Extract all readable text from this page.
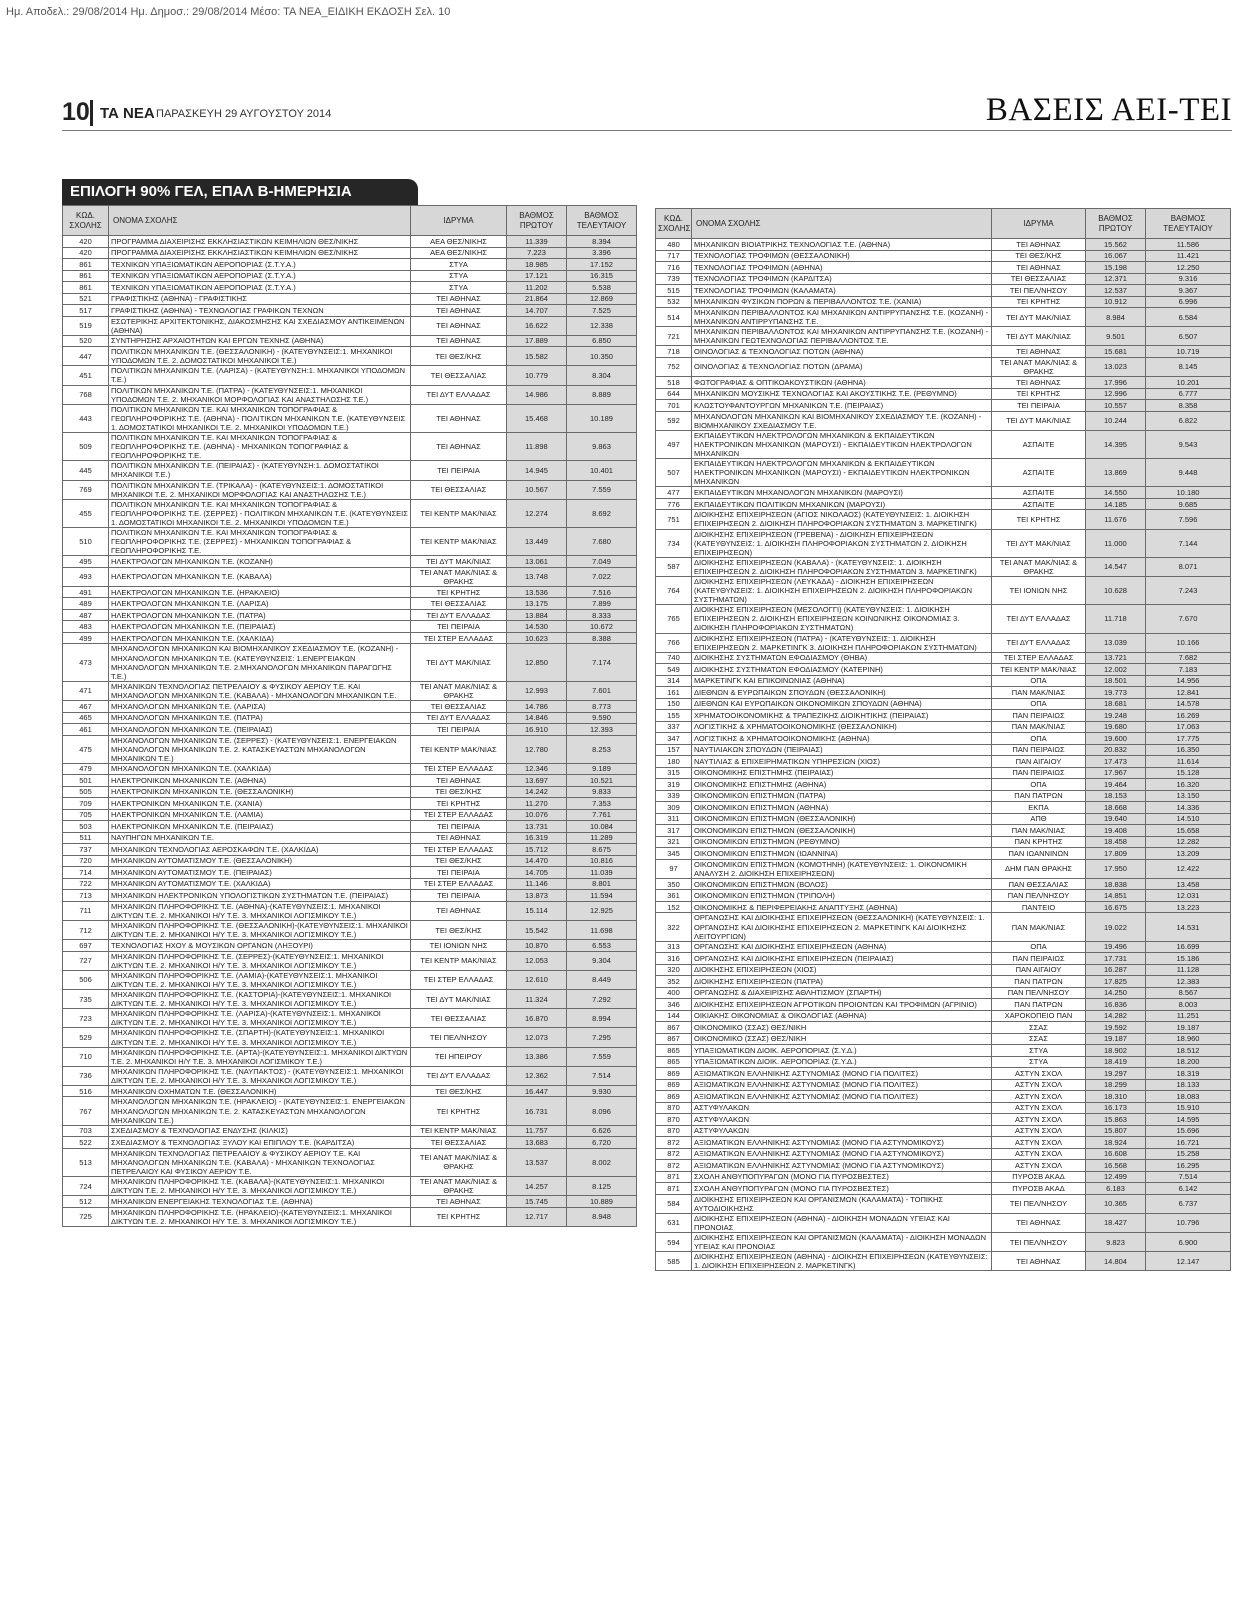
Ημ. Αποδελ.: 29/08/2014 Ημ. Δημοσ.: 29/08/2014 Μέσο: ΤΑ ΝΕΑ_ΕΙΔΙΚΗ ΕΚΔΟΣΗ Σελ. 10
10 ΤΑ ΝΕΑ ΠΑΡΑΣΚΕΥΗ 29 ΑΥΓΟΥΣΤΟΥ 2014	ΒΑΣΕΙΣ ΑΕΙ-ΤΕΙ
ΕΠΙΛΟΓΗ 90% ΓΕΛ, ΕΠΑΛ Β-ΗΜΕΡΗΣΙΑ
ΚΩΔ. ΣΧΟΛΗΣ	ΟΝΟΜΑ ΣΧΟΛΗΣ	ΙΔΡΥΜΑ	ΒΑΘΜΟΣ ΠΡΩΤΟΥ	ΒΑΘΜΟΣ ΤΕΛΕΥΤΑΙΟΥ
420	ΠΡΟΓΡΑΜΜΑ ΔΙΑΧΕΙΡΙΣΗΣ ΕΚΚΛΗΣΙΑΣΤΙΚΩΝ ΚΕΙΜΗΛΙΩΝ ΘΕΣ/ΝΙΚΗΣ	ΑΕΑ ΘΕΣ/ΝΙΚΗΣ	11.339	8.394
420	ΠΡΟΓΡΑΜΜΑ ΔΙΑΧΕΙΡΙΣΗΣ ΕΚΚΛΗΣΙΑΣΤΙΚΩΝ ΚΕΙΜΗΛΙΩΝ ΘΕΣ/ΝΙΚΗΣ	ΑΕΑ ΘΕΣ/ΝΙΚΗΣ	7.223	3.396
861	ΤΕΧΝΙΚΩΝ ΥΠΑΞΙΩΜΑΤΙΚΩΝ ΑΕΡΟΠΟΡΙΑΣ (Σ.Τ.Υ.Α.)	ΣΤΥΑ	18.985	17.152
861	ΤΕΧΝΙΚΩΝ ΥΠΑΞΙΩΜΑΤΙΚΩΝ ΑΕΡΟΠΟΡΙΑΣ (Σ.Τ.Υ.Α.)	ΣΤΥΑ	17.121	16.315
861	ΤΕΧΝΙΚΩΝ ΥΠΑΞΙΩΜΑΤΙΚΩΝ ΑΕΡΟΠΟΡΙΑΣ (Σ.Τ.Υ.Α.)	ΣΤΥΑ	11.202	5.538
521	ΓΡΑΦΙΣΤΙΚΗΣ (ΑΘΗΝΑ) - ΓΡΑΦΙΣΤΙΚΗΣ	ΤΕΙ ΑΘΗΝΑΣ	21.864	12.869
517	ΓΡΑΦΙΣΤΙΚΗΣ (ΑΘΗΝΑ) - ΤΕΧΝΟΛΟΓΙΑΣ ΓΡΑΦΙΚΩΝ ΤΕΧΝΩΝ	ΤΕΙ ΑΘΗΝΑΣ	14.707	7.525
519	ΕΣΩΤΕΡΙΚΗΣ ΑΡΧΙΤΕΚΤΟΝΙΚΗΣ, ΔΙΑΚΟΣΜΗΣΗΣ ΚΑΙ ΣΧΕΔΙΑΣΜΟΥ ΑΝΤΙΚΕΙΜΕΝΩΝ (ΑΘΗΝΑ)	ΤΕΙ ΑΘΗΝΑΣ	16.622	12.338
520	ΣΥΝΤΗΡΗΣΗΣ ΑΡΧΑΙΟΤΗΤΩΝ ΚΑΙ ΕΡΓΩΝ ΤΕΧΝΗΣ (ΑΘΗΝΑ)	ΤΕΙ ΑΘΗΝΑΣ	17.889	6.850
447	ΠΟΛΙΤΙΚΩΝ ΜΗΧΑΝΙΚΩΝ Τ.Ε. (ΘΕΣΣΑΛΟΝΙΚΗ) - (ΚΑΤΕΥΘΥΝΣΕΙΣ:1. ΜΗΧΑΝΙΚΟΙ ΥΠΟΔΟΜΩΝ Τ.Ε. 2. ΔΟΜΟΣΤΑΤΙΚΟΙ ΜΗΧΑΝΙΚΟΙ Τ.Ε.)	ΤΕΙ ΘΕΣ/ΚΗΣ	15.582	10.350
451	ΠΟΛΙΤΙΚΩΝ ΜΗΧΑΝΙΚΩΝ Τ.Ε. (ΛΑΡΙΣΑ) - (ΚΑΤΕΥΘΥΝΣΗ:1. ΜΗΧΑΝΙΚΟΙ ΥΠΟΔΟΜΩΝ Τ.Ε.)	ΤΕΙ ΘΕΣΣΑΛΙΑΣ	10.779	8.304
768	ΠΟΛΙΤΙΚΩΝ ΜΗΧΑΝΙΚΩΝ Τ.Ε. (ΠΑΤΡΑ) - (ΚΑΤΕΥΘΥΝΣΕΙΣ:1. ΜΗΧΑΝΙΚΟΙ ΥΠΟΔΟΜΩΝ Τ.Ε. 2. ΜΗΧΑΝΙΚΟΙ ΜΟΡΦΟΛΟΓΙΑΣ ΚΑΙ ΑΝΑΣΤΗΛΩΣΗΣ Τ.Ε.)	ΤΕΙ ΔΥΤ ΕΛΛΑΔΑΣ	14.986	8.889
443	ΠΟΛΙΤΙΚΩΝ ΜΗΧΑΝΙΚΩΝ Τ.Ε. ΚΑΙ ΜΗΧΑΝΙΚΩΝ ΤΟΠΟΓΡΑΦΙΑΣ & ΓΕΩΠΛΗΡΟΦΟΡΙΚΗΣ Τ.Ε. (ΑΘΗΝΑ) - ΠΟΛΙΤΙΚΩΝ ΜΗΧΑΝΙΚΩΝ Τ.Ε. (ΚΑΤΕΥΘΥΝΣΕΙΣ 1. ΔΟΜΟΣΤΑΤΙΚΟΙ ΜΗΧΑΝΙΚΟΙ Τ.Ε. 2. ΜΗΧΑΝΙΚΟΙ ΥΠΟΔΟΜΩΝ Τ.Ε.)	ΤΕΙ ΑΘΗΝΑΣ	15.468	10.189
509	ΠΟΛΙΤΙΚΩΝ ΜΗΧΑΝΙΚΩΝ Τ.Ε. ΚΑΙ ΜΗΧΑΝΙΚΩΝ ΤΟΠΟΓΡΑΦΙΑΣ & ΓΕΩΠΛΗΡΟΦΟΡΙΚΗΣ Τ.Ε. (ΑΘΗΝΑ) - ΜΗΧΑΝΙΚΩΝ ΤΟΠΟΓΡΑΦΙΑΣ & ΓΕΩΠΛΗΡΟΦΟΡΙΚΗΣ Τ.Ε.	ΤΕΙ ΑΘΗΝΑΣ	11.898	9.863
445	ΠΟΛΙΤΙΚΩΝ ΜΗΧΑΝΙΚΩΝ Τ.Ε. (ΠΕΙΡΑΙΑΣ) - (ΚΑΤΕΥΘΥΝΣΗ:1. ΔΟΜΟΣΤΑΤΙΚΟΙ ΜΗΧΑΝΙΚΟΙ Τ.Ε.)	ΤΕΙ ΠΕΙΡΑΙΑ	14.945	10.401
769	ΠΟΛΙΤΙΚΩΝ ΜΗΧΑΝΙΚΩΝ Τ.Ε. (ΤΡΙΚΑΛΑ) - (ΚΑΤΕΥΘΥΝΣΕΙΣ:1. ΔΟΜΟΣΤΑΤΙΚΟΙ ΜΗΧΑΝΙΚΟΙ Τ.Ε. 2. ΜΗΧΑΝΙΚΟΙ ΜΟΡΦΟΛΟΓΙΑΣ ΚΑΙ ΑΝΑΣΤΗΛΩΣΗΣ Τ.Ε.)	ΤΕΙ ΘΕΣΣΑΛΙΑΣ	10.567	7.559
455	ΠΟΛΙΤΙΚΩΝ ΜΗΧΑΝΙΚΩΝ Τ.Ε. ΚΑΙ ΜΗΧΑΝΙΚΩΝ ΤΟΠΟΓΡΑΦΙΑΣ & ΓΕΩΠΛΗΡΟΦΟΡΙΚΗΣ Τ.Ε. (ΣΕΡΡΕΣ) - ΠΟΛΙΤΙΚΩΝ ΜΗΧΑΝΙΚΩΝ Τ.Ε. (ΚΑΤΕΥΘΥΝΣΕΙΣ 1. ΔΟΜΟΣΤΑΤΙΚΟΙ ΜΗΧΑΝΙΚΟΙ Τ.Ε. 2. ΜΗΧΑΝΙΚΟΙ ΥΠΟΔΟΜΩΝ Τ.Ε.)	ΤΕΙ ΚΕΝΤΡ ΜΑΚ/ΝΙΑΣ	12.274	8.692
510	ΠΟΛΙΤΙΚΩΝ ΜΗΧΑΝΙΚΩΝ Τ.Ε. ΚΑΙ ΜΗΧΑΝΙΚΩΝ ΤΟΠΟΓΡΑΦΙΑΣ & ΓΕΩΠΛΗΡΟΦΟΡΙΚΗΣ Τ.Ε. (ΣΕΡΡΕΣ) - ΜΗΧΑΝΙΚΩΝ ΤΟΠΟΓΡΑΦΙΑΣ & ΓΕΩΠΛΗΡΟΦΟΡΙΚΗΣ Τ.Ε.	ΤΕΙ ΚΕΝΤΡ ΜΑΚ/ΝΙΑΣ	13.449	7.680
495	ΗΛΕΚΤΡΟΛΟΓΩΝ ΜΗΧΑΝΙΚΩΝ Τ.Ε. (ΚΟΖΑΝΗ)	ΤΕΙ ΔΥΤ ΜΑΚ/ΝΙΑΣ	13.061	7.049
493	ΗΛΕΚΤΡΟΛΟΓΩΝ ΜΗΧΑΝΙΚΩΝ Τ.Ε. (ΚΑΒΑΛΑ)	ΤΕΙ ΑΝΑΤ ΜΑΚ/ΝΙΑΣ & ΘΡΑΚΗΣ	13.748	7.022
491	ΗΛΕΚΤΡΟΛΟΓΩΝ ΜΗΧΑΝΙΚΩΝ Τ.Ε. (ΗΡΑΚΛΕΙΟ)	ΤΕΙ ΚΡΗΤΗΣ	13.536	7.516
489	ΗΛΕΚΤΡΟΛΟΓΩΝ ΜΗΧΑΝΙΚΩΝ Τ.Ε. (ΛΑΡΙΣΑ)	ΤΕΙ ΘΕΣΣΑΛΙΑΣ	13.175	7.899
487	ΗΛΕΚΤΡΟΛΟΓΩΝ ΜΗΧΑΝΙΚΩΝ Τ.Ε. (ΠΑΤΡΑ)	ΤΕΙ ΔΥΤ ΕΛΛΑΔΑΣ	13.884	8.333
483	ΗΛΕΚΤΡΟΛΟΓΩΝ ΜΗΧΑΝΙΚΩΝ Τ.Ε. (ΠΕΙΡΑΙΑΣ)	ΤΕΙ ΠΕΙΡΑΙΑ	14.530	10.672
499	ΗΛΕΚΤΡΟΛΟΓΩΝ ΜΗΧΑΝΙΚΩΝ Τ.Ε. (ΧΑΛΚΙΔΑ)	ΤΕΙ ΣΤΕΡ ΕΛΛΑΔΑΣ	10.623	8.388
473	ΜΗΧΑΝΟΛΟΓΩΝ ΜΗΧΑΝΙΚΩΝ ΚΑΙ ΒΙΟΜΗΧΑΝΙΚΟΥ ΣΧΕΔΙΑΣΜΟΥ Τ.Ε. (ΚΟΖΑΝΗ) - ΜΗΧΑΝΟΛΟΓΩΝ ΜΗΧΑΝΙΚΩΝ Τ.Ε. (ΚΑΤΕΥΘΥΝΣΕΙΣ: 1.ΕΝΕΡΓΕΙΑΚΩΝ ΜΗΧΑΝΟΛΟΓΩΝ ΜΗΧΑΝΙΚΩΝ Τ.Ε. 2.ΜΗΧΑΝΟΛΟΓΩΝ ΜΗΧΑΝΙΚΩΝ ΠΑΡΑΓΩΓΗΣ Τ.Ε.)	ΤΕΙ ΔΥΤ ΜΑΚ/ΝΙΑΣ	12.850	7.174
471	ΜΗΧΑΝΙΚΩΝ ΤΕΧΝΟΛΟΓΙΑΣ ΠΕΤΡΕΛΑΙΟΥ & ΦΥΣΙΚΟΥ ΑΕΡΙΟΥ Τ.Ε. ΚΑΙ ΜΗΧΑΝΟΛΟΓΩΝ ΜΗΧΑΝΙΚΩΝ Τ.Ε. (ΚΑΒΑΛΑ) - ΜΗΧΑΝΟΛΟΓΩΝ ΜΗΧΑΝΙΚΩΝ Τ.Ε.	ΤΕΙ ΑΝΑΤ ΜΑΚ/ΝΙΑΣ & ΘΡΑΚΗΣ	12.993	7.601
467	ΜΗΧΑΝΟΛΟΓΩΝ ΜΗΧΑΝΙΚΩΝ Τ.Ε. (ΛΑΡΙΣΑ)	ΤΕΙ ΘΕΣΣΑΛΙΑΣ	14.786	8.773
465	ΜΗΧΑΝΟΛΟΓΩΝ ΜΗΧΑΝΙΚΩΝ Τ.Ε. (ΠΑΤΡΑ)	ΤΕΙ ΔΥΤ ΕΛΛΑΔΑΣ	14.846	9.590
461	ΜΗΧΑΝΟΛΟΓΩΝ ΜΗΧΑΝΙΚΩΝ Τ.Ε. (ΠΕΙΡΑΙΑΣ)	ΤΕΙ ΠΕΙΡΑΙΑ	16.910	12.393
475	ΜΗΧΑΝΟΛΟΓΩΝ ΜΗΧΑΝΙΚΩΝ Τ.Ε. (ΣΕΡΡΕΣ) - (ΚΑΤΕΥΘΥΝΣΕΙΣ:1. ΕΝΕΡΓΕΙΑΚΩΝ ΜΗΧΑΝΟΛΟΓΩΝ ΜΗΧΑΝΙΚΩΝ Τ.Ε. 2. ΚΑΤΑΣΚΕΥΑΣΤΩΝ ΜΗΧΑΝΟΛΟΓΩΝ ΜΗΧΑΝΙΚΩΝ Τ.Ε.)	ΤΕΙ ΚΕΝΤΡ ΜΑΚ/ΝΙΑΣ	12.780	8.253
479	ΜΗΧΑΝΟΛΟΓΩΝ ΜΗΧΑΝΙΚΩΝ Τ.Ε. (ΧΑΛΚΙΔΑ)	ΤΕΙ ΣΤΕΡ ΕΛΛΑΔΑΣ	12.346	9.189
501	ΗΛΕΚΤΡΟΝΙΚΩΝ ΜΗΧΑΝΙΚΩΝ Τ.Ε. (ΑΘΗΝΑ)	ΤΕΙ ΑΘΗΝΑΣ	13.697	10.521
505	ΗΛΕΚΤΡΟΝΙΚΩΝ ΜΗΧΑΝΙΚΩΝ Τ.Ε. (ΘΕΣΣΑΛΟΝΙΚΗ)	ΤΕΙ ΘΕΣ/ΚΗΣ	14.242	9.833
709	ΗΛΕΚΤΡΟΝΙΚΩΝ ΜΗΧΑΝΙΚΩΝ Τ.Ε. (ΧΑΝΙΑ)	ΤΕΙ ΚΡΗΤΗΣ	11.270	7.353
705	ΗΛΕΚΤΡΟΝΙΚΩΝ ΜΗΧΑΝΙΚΩΝ Τ.Ε. (ΛΑΜΙΑ)	ΤΕΙ ΣΤΕΡ ΕΛΛΑΔΑΣ	10.076	7.761
503	ΗΛΕΚΤΡΟΝΙΚΩΝ ΜΗΧΑΝΙΚΩΝ Τ.Ε. (ΠΕΙΡΑΙΑΣ)	ΤΕΙ ΠΕΙΡΑΙΑ	13.731	10.084
511	ΝΑΥΠΗΓΩΝ ΜΗΧΑΝΙΚΩΝ Τ.Ε.	ΤΕΙ ΑΘΗΝΑΣ	16.319	11.289
737	ΜΗΧΑΝΙΚΩΝ ΤΕΧΝΟΛΟΓΙΑΣ ΑΕΡΟΣΚΑΦΩΝ Τ.Ε. (ΧΑΛΚΙΔΑ)	ΤΕΙ ΣΤΕΡ ΕΛΛΑΔΑΣ	15.712	8.675
720	ΜΗΧΑΝΙΚΩΝ ΑΥΤΟΜΑΤΙΣΜΟΥ Τ.Ε. (ΘΕΣΣΑΛΟΝΙΚΗ)	ΤΕΙ ΘΕΣ/ΚΗΣ	14.470	10.816
714	ΜΗΧΑΝΙΚΩΝ ΑΥΤΟΜΑΤΙΣΜΟΥ Τ.Ε. (ΠΕΙΡΑΙΑΣ)	ΤΕΙ ΠΕΙΡΑΙΑ	14.705	11.039
722	ΜΗΧΑΝΙΚΩΝ ΑΥΤΟΜΑΤΙΣΜΟΥ Τ.Ε. (ΧΑΛΚΙΔΑ)	ΤΕΙ ΣΤΕΡ ΕΛΛΑΔΑΣ	11.146	8.801
713	ΜΗΧΑΝΙΚΩΝ ΗΛΕΚΤΡΟΝΙΚΩΝ ΥΠΟΛΟΓΙΣΤΙΚΩΝ ΣΥΣΤΗΜΑΤΩΝ Τ.Ε. (ΠΕΙΡΑΙΑΣ)	ΤΕΙ ΠΕΙΡΑΙΑ	13.873	11.594
711	ΜΗΧΑΝΙΚΩΝ ΠΛΗΡΟΦΟΡΙΚΗΣ Τ.Ε. (ΑΘΗΝΑ)-(ΚΑΤΕΥΘΥΝΣΕΙΣ:1. ΜΗΧΑΝΙΚΟΙ ΔΙΚΤΥΩΝ Τ.Ε. 2. ΜΗΧΑΝΙΚΟΙ Η/Υ Τ.Ε. 3. ΜΗΧΑΝΙΚΟΙ ΛΟΓΙΣΜΙΚΟΥ Τ.Ε.)	ΤΕΙ ΑΘΗΝΑΣ	15.114	12.925
712	ΜΗΧΑΝΙΚΩΝ ΠΛΗΡΟΦΟΡΙΚΗΣ Τ.Ε. (ΘΕΣΣΑΛΟΝΙΚΗ)-(ΚΑΤΕΥΘΥΝΣΕΙΣ:1. ΜΗΧΑΝΙΚΟΙ ΔΙΚΤΥΩΝ Τ.Ε. 2. ΜΗΧΑΝΙΚΟΙ Η/Υ Τ.Ε. 3. ΜΗΧΑΝΙΚΟΙ ΛΟΓΙΣΜΙΚΟΥ Τ.Ε.)	ΤΕΙ ΘΕΣ/ΚΗΣ	15.542	11.698
697	ΤΕΧΝΟΛΟΓΙΑΣ ΗΧΟΥ & ΜΟΥΣΙΚΩΝ ΟΡΓΑΝΩΝ (ΛΗΞΟΥΡΙ)	ΤΕΙ ΙΟΝΙΩΝ ΝΗΣ	10.870	6.553
727	ΜΗΧΑΝΙΚΩΝ ΠΛΗΡΟΦΟΡΙΚΗΣ Τ.Ε. (ΣΕΡΡΕΣ)-(ΚΑΤΕΥΘΥΝΣΕΙΣ:1. ΜΗΧΑΝΙΚΟΙ ΔΙΚΤΥΩΝ Τ.Ε. 2. ΜΗΧΑΝΙΚΟΙ Η/Υ Τ.Ε. 3. ΜΗΧΑΝΙΚΟΙ ΛΟΓΙΣΜΙΚΟΥ Τ.Ε.)	ΤΕΙ ΚΕΝΤΡ ΜΑΚ/ΝΙΑΣ	12.053	9.304
506	ΜΗΧΑΝΙΚΩΝ ΠΛΗΡΟΦΟΡΙΚΗΣ Τ.Ε. (ΛΑΜΙΑ)-(ΚΑΤΕΥΘΥΝΣΕΙΣ:1. ΜΗΧΑΝΙΚΟΙ ΔΙΚΤΥΩΝ Τ.Ε. 2. ΜΗΧΑΝΙΚΟΙ Η/Υ Τ.Ε. 3. ΜΗΧΑΝΙΚΟΙ ΛΟΓΙΣΜΙΚΟΥ Τ.Ε.)	ΤΕΙ ΣΤΕΡ ΕΛΛΑΔΑΣ	12.610	8.449
735	ΜΗΧΑΝΙΚΩΝ ΠΛΗΡΟΦΟΡΙΚΗΣ Τ.Ε. (ΚΑΣΤΟΡΙΑ)-(ΚΑΤΕΥΘΥΝΣΕΙΣ:1. ΜΗΧΑΝΙΚΟΙ ΔΙΚΤΥΩΝ Τ.Ε. 2. ΜΗΧΑΝΙΚΟΙ Η/Υ Τ.Ε. 3. ΜΗΧΑΝΙΚΟΙ ΛΟΓΙΣΜΙΚΟΥ Τ.Ε.)	ΤΕΙ ΔΥΤ ΜΑΚ/ΝΙΑΣ	11.324	7.292
723	ΜΗΧΑΝΙΚΩΝ ΠΛΗΡΟΦΟΡΙΚΗΣ Τ.Ε. (ΛΑΡΙΣΑ)-(ΚΑΤΕΥΘΥΝΣΕΙΣ:1. ΜΗΧΑΝΙΚΟΙ ΔΙΚΤΥΩΝ Τ.Ε. 2. ΜΗΧΑΝΙΚΟΙ Η/Υ Τ.Ε. 3. ΜΗΧΑΝΙΚΟΙ ΛΟΓΙΣΜΙΚΟΥ Τ.Ε.)	ΤΕΙ ΘΕΣΣΑΛΙΑΣ	16.870	8.994
529	ΜΗΧΑΝΙΚΩΝ ΠΛΗΡΟΦΟΡΙΚΗΣ Τ.Ε. (ΣΠΑΡΤΗ)-(ΚΑΤΕΥΘΥΝΣΕΙΣ:1. ΜΗΧΑΝΙΚΟΙ ΔΙΚΤΥΩΝ Τ.Ε. 2. ΜΗΧΑΝΙΚΟΙ Η/Υ Τ.Ε. 3. ΜΗΧΑΝΙΚΟΙ ΛΟΓΙΣΜΙΚΟΥ Τ.Ε.)	ΤΕΙ ΠΕΛ/ΝΗΣΟΥ	12.073	7.295
710	ΜΗΧΑΝΙΚΩΝ ΠΛΗΡΟΦΟΡΙΚΗΣ Τ.Ε. (ΑΡΤΑ)-(ΚΑΤΕΥΘΥΝΣΕΙΣ:1. ΜΗΧΑΝΙΚΟΙ ΔΙΚΤΥΩΝ Τ.Ε. 2. ΜΗΧΑΝΙΚΟΙ Η/Υ Τ.Ε. 3. ΜΗΧΑΝΙΚΟΙ ΛΟΓΙΣΜΙΚΟΥ Τ.Ε.)	ΤΕΙ ΗΠΕΙΡΟΥ	13.386	7.559
736	ΜΗΧΑΝΙΚΩΝ ΠΛΗΡΟΦΟΡΙΚΗΣ Τ.Ε. (ΝΑΥΠΑΚΤΟΣ) - (ΚΑΤΕΥΘΥΝΣΕΙΣ:1. ΜΗΧΑΝΙΚΟΙ ΔΙΚΤΥΩΝ Τ.Ε. 2. ΜΗΧΑΝΙΚΟΙ Η/Υ Τ.Ε. 3. ΜΗΧΑΝΙΚΟΙ ΛΟΓΙΣΜΙΚΟΥ Τ.Ε.)	ΤΕΙ ΔΥΤ ΕΛΛΑΔΑΣ	12.362	7.514
516	ΜΗΧΑΝΙΚΩΝ ΟΧΗΜΑΤΩΝ Τ.Ε. (ΘΕΣΣΑΛΟΝΙΚΗ)	ΤΕΙ ΘΕΣ/ΚΗΣ	16.447	9.930
767	ΜΗΧΑΝΟΛΟΓΩΝ ΜΗΧΑΝΙΚΩΝ Τ.Ε. (ΗΡΑΚΛΕΙΟ) - (ΚΑΤΕΥΘΥΝΣΕΙΣ:1. ΕΝΕΡΓΕΙΑΚΩΝ ΜΗΧΑΝΟΛΟΓΩΝ ΜΗΧΑΝΙΚΩΝ Τ.Ε. 2. ΚΑΤΑΣΚΕΥΑΣΤΩΝ ΜΗΧΑΝΟΛΟΓΩΝ ΜΗΧΑΝΙΚΩΝ Τ.Ε.)	ΤΕΙ ΚΡΗΤΗΣ	16.731	8.096
703	ΣΧΕΔΙΑΣΜΟΥ & ΤΕΧΝΟΛΟΓΙΑΣ ΕΝΔΥΣΗΣ (ΚΙΛΚΙΣ)	ΤΕΙ ΚΕΝΤΡ ΜΑΚ/ΝΙΑΣ	11.757	6.626
522	ΣΧΕΔΙΑΣΜΟΥ & ΤΕΧΝΟΛΟΓΙΑΣ ΞΥΛΟΥ ΚΑΙ ΕΠΙΠΛΟΥ Τ.Ε. (ΚΑΡΔΙΤΣΑ)	ΤΕΙ ΘΕΣΣΑΛΙΑΣ	13.683	6.720
513	ΜΗΧΑΝΙΚΩΝ ΤΕΧΝΟΛΟΓΙΑΣ ΠΕΤΡΕΛΑΙΟΥ & ΦΥΣΙΚΟΥ ΑΕΡΙΟΥ Τ.Ε. ΚΑΙ ΜΗΧΑΝΟΛΟΓΩΝ ΜΗΧΑΝΙΚΩΝ Τ.Ε. (ΚΑΒΑΛΑ) - ΜΗΧΑΝΙΚΩΝ ΤΕΧΝΟΛΟΓΙΑΣ ΠΕΤΡΕΛΑΙΟΥ ΚΑΙ ΦΥΣΙΚΟΥ ΑΕΡΙΟΥ Τ.Ε.	ΤΕΙ ΑΝΑΤ ΜΑΚ/ΝΙΑΣ & ΘΡΑΚΗΣ	13.537	8.002
724	ΜΗΧΑΝΙΚΩΝ ΠΛΗΡΟΦΟΡΙΚΗΣ Τ.Ε. (ΚΑΒΑΛΑ)-(ΚΑΤΕΥΘΥΝΣΕΙΣ:1. ΜΗΧΑΝΙΚΟΙ ΔΙΚΤΥΩΝ Τ.Ε. 2. ΜΗΧΑΝΙΚΟΙ Η/Υ Τ.Ε. 3. ΜΗΧΑΝΙΚΟΙ ΛΟΓΙΣΜΙΚΟΥ Τ.Ε.)	ΤΕΙ ΑΝΑΤ ΜΑΚ/ΝΙΑΣ & ΘΡΑΚΗΣ	14.257	8.125
512	ΜΗΧΑΝΙΚΩΝ ΕΝΕΡΓΕΙΑΚΗΣ ΤΕΧΝΟΛΟΓΙΑΣ Τ.Ε. (ΑΘΗΝΑ)	ΤΕΙ ΑΘΗΝΑΣ	15.745	10.889
725	ΜΗΧΑΝΙΚΩΝ ΠΛΗΡΟΦΟΡΙΚΗΣ Τ.Ε. (ΗΡΑΚΛΕΙΟ)-(ΚΑΤΕΥΘΥΝΣΕΙΣ:1. ΜΗΧΑΝΙΚΟΙ ΔΙΚΤΥΩΝ Τ.Ε. 2. ΜΗΧΑΝΙΚΟΙ Η/Υ Τ.Ε. 3. ΜΗΧΑΝΙΚΟΙ ΛΟΓΙΣΜΙΚΟΥ Τ.Ε.)	ΤΕΙ ΚΡΗΤΗΣ	12.717	8.948
ΚΩΔ. ΣΧΟΛΗΣ	ΟΝΟΜΑ ΣΧΟΛΗΣ	ΙΔΡΥΜΑ	ΒΑΘΜΟΣ ΠΡΩΤΟΥ	ΒΑΘΜΟΣ ΤΕΛΕΥΤΑΙΟΥ
480	ΜΗΧΑΝΙΚΩΝ ΒΙΟΙΑΤΡΙΚΗΣ ΤΕΧΝΟΛΟΓΙΑΣ Τ.Ε. (ΑΘΗΝΑ)	ΤΕΙ ΑΘΗΝΑΣ	15.562	11.586
717	ΤΕΧΝΟΛΟΓΙΑΣ ΤΡΟΦΙΜΩΝ (ΘΕΣΣΑΛΟΝΙΚΗ)	ΤΕΙ ΘΕΣ/ΚΗΣ	16.067	11.421
716	ΤΕΧΝΟΛΟΓΙΑΣ ΤΡΟΦΙΜΩΝ (ΑΘΗΝΑ)	ΤΕΙ ΑΘΗΝΑΣ	15.198	12.250
739	ΤΕΧΝΟΛΟΓΙΑΣ ΤΡΟΦΙΜΩΝ (ΚΑΡΔΙΤΣΑ)	ΤΕΙ ΘΕΣΣΑΛΙΑΣ	12.371	9.316
515	ΤΕΧΝΟΛΟΓΙΑΣ ΤΡΟΦΙΜΩΝ (ΚΑΛΑΜΑΤΑ)	ΤΕΙ ΠΕΛ/ΝΗΣΟΥ	12.537	9.367
532	ΜΗΧΑΝΙΚΩΝ ΦΥΣΙΚΩΝ ΠΟΡΩΝ & ΠΕΡΙΒΑΛΛΟΝΤΟΣ Τ.Ε. (ΧΑΝΙΑ)	ΤΕΙ ΚΡΗΤΗΣ	10.912	6.996
514	ΜΗΧΑΝΙΚΩΝ ΠΕΡΙΒΑΛΛΟΝΤΟΣ ΚΑΙ ΜΗΧΑΝΙΚΩΝ ΑΝΤΙΡΡΥΠΑΝΣΗΣ Τ.Ε. (ΚΟΖΑΝΗ) - ΜΗΧΑΝΙΚΩΝ ΑΝΤΙΡΡΥΠΑΝΣΗΣ Τ.Ε.	ΤΕΙ ΔΥΤ ΜΑΚ/ΝΙΑΣ	8.984	6.584
721	ΜΗΧΑΝΙΚΩΝ ΠΕΡΙΒΑΛΛΟΝΤΟΣ ΚΑΙ ΜΗΧΑΝΙΚΩΝ ΑΝΤΙΡΡΥΠΑΝΣΗΣ Τ.Ε. (ΚΟΖΑΝΗ) - ΜΗΧΑΝΙΚΩΝ ΓΕΩΤΕΧΝΟΛΟΓΙΑΣ ΠΕΡΙΒΑΛΛΟΝΤΟΣ Τ.Ε.	ΤΕΙ ΔΥΤ ΜΑΚ/ΝΙΑΣ	9.501	6.507
718	ΟΙΝΟΛΟΓΙΑΣ & ΤΕΧΝΟΛΟΓΙΑΣ ΠΟΤΩΝ (ΑΘΗΝΑ)	ΤΕΙ ΑΘΗΝΑΣ	15.681	10.719
752	ΟΙΝΟΛΟΓΙΑΣ & ΤΕΧΝΟΛΟΓΙΑΣ ΠΟΤΩΝ (ΔΡΑΜΑ)	ΤΕΙ ΑΝΑΤ ΜΑΚ/ΝΙΑΣ & ΘΡΑΚΗΣ	13.023	8.145
518	ΦΩΤΟΓΡΑΦΙΑΣ & ΟΠΤΙΚΟΑΚΟΥΣΤΙΚΩΝ (ΑΘΗΝΑ)	ΤΕΙ ΑΘΗΝΑΣ	17.996	10.201
644	ΜΗΧΑΝΙΚΩΝ ΜΟΥΣΙΚΗΣ ΤΕΧΝΟΛΟΓΙΑΣ ΚΑΙ ΑΚΟΥΣΤΙΚΗΣ Τ.Ε. (ΡΕΘΥΜΝΟ)	ΤΕΙ ΚΡΗΤΗΣ	12.996	6.777
701	ΚΛΩΣΤΟΥΦΑΝΤΟΥΡΓΩΝ ΜΗΧΑΝΙΚΩΝ Τ.Ε. (ΠΕΙΡΑΙΑΣ)	ΤΕΙ ΠΕΙΡΑΙΑ	10.557	8.358
592	ΜΗΧΑΝΟΛΟΓΩΝ ΜΗΧΑΝΙΚΩΝ ΚΑΙ ΒΙΟΜΗΧΑΝΙΚΟΥ ΣΧΕΔΙΑΣΜΟΥ Τ.Ε. (ΚΟΖΑΝΗ) - ΒΙΟΜΗΧΑΝΙΚΟΥ ΣΧΕΔΙΑΣΜΟΥ Τ.Ε.	ΤΕΙ ΔΥΤ ΜΑΚ/ΝΙΑΣ	10.244	6.822
497	ΕΚΠΑΙΔΕΥΤΙΚΩΝ ΗΛΕΚΤΡΟΛΟΓΩΝ ΜΗΧΑΝΙΚΩΝ & ΕΚΠΑΙΔΕΥΤΙΚΩΝ ΗΛΕΚΤΡΟΝΙΚΩΝ ΜΗΧΑΝΙΚΩΝ (ΜΑΡΟΥΣΙ) - ΕΚΠΑΙΔΕΥΤΙΚΩΝ ΗΛΕΚΤΡΟΛΟΓΩΝ ΜΗΧΑΝΙΚΩΝ	ΑΣΠΑΙΤΕ	14.395	9.543
507	ΕΚΠΑΙΔΕΥΤΙΚΩΝ ΗΛΕΚΤΡΟΛΟΓΩΝ ΜΗΧΑΝΙΚΩΝ & ΕΚΠΑΙΔΕΥΤΙΚΩΝ ΗΛΕΚΤΡΟΝΙΚΩΝ ΜΗΧΑΝΙΚΩΝ (ΜΑΡΟΥΣΙ) - ΕΚΠΑΙΔΕΥΤΙΚΩΝ ΗΛΕΚΤΡΟΝΙΚΩΝ ΜΗΧΑΝΙΚΩΝ	ΑΣΠΑΙΤΕ	13.869	9.448
477	ΕΚΠΑΙΔΕΥΤΙΚΩΝ ΜΗΧΑΝΟΛΟΓΩΝ ΜΗΧΑΝΙΚΩΝ (ΜΑΡΟΥΣΙ)	ΑΣΠΑΙΤΕ	14.550	10.180
776	ΕΚΠΑΙΔΕΥΤΙΚΩΝ ΠΟΛΙΤΙΚΩΝ ΜΗΧΑΝΙΚΩΝ (ΜΑΡΟΥΣΙ)	ΑΣΠΑΙΤΕ	14.185	9.685
751	ΔΙΟΙΚΗΣΗΣ ΕΠΙΧΕΙΡΗΣΕΩΝ (ΑΓΙΟΣ ΝΙΚΟΛΑΟΣ) (ΚΑΤΕΥΘΥΝΣΕΙΣ: 1. ΔΙΟΙΚΗΣΗ ΕΠΙΧΕΙΡΗΣΕΩΝ 2. ΔΙΟΙΚΗΣΗ ΠΛΗΡΟΦΟΡΙΑΚΩΝ ΣΥΣΤΗΜΑΤΩΝ 3. ΜΑΡΚΕΤΙΝΓΚ)	ΤΕΙ ΚΡΗΤΗΣ	11.676	7.596
734	ΔΙΟΙΚΗΣΗΣ ΕΠΙΧΕΙΡΗΣΕΩΝ (ΓΡΕΒΕΝΑ) - ΔΙΟΙΚΗΣΗ ΕΠΙΧΕΙΡΗΣΕΩΝ (ΚΑΤΕΥΘΥΝΣΕΙΣ: 1. ΔΙΟΙΚΗΣΗ ΠΛΗΡΟΦΟΡΙΑΚΩΝ ΣΥΣΤΗΜΑΤΩΝ 2. ΔΙΟΙΚΗΣΗ ΕΠΙΧΕΙΡΗΣΕΩΝ)	ΤΕΙ ΔΥΤ ΜΑΚ/ΝΙΑΣ	11.000	7.144
587	ΔΙΟΙΚΗΣΗΣ ΕΠΙΧΕΙΡΗΣΕΩΝ (ΚΑΒΑΛΑ) - (ΚΑΤΕΥΘΥΝΣΕΙΣ: 1. ΔΙΟΙΚΗΣΗ ΕΠΙΧΕΙΡΗΣΕΩΝ 2. ΔΙΟΙΚΗΣΗ ΠΛΗΡΟΦΟΡΙΑΚΩΝ ΣΥΣΤΗΜΑΤΩΝ 3. ΜΑΡΚΕΤΙΝΓΚ)	ΤΕΙ ΑΝΑΤ ΜΑΚ/ΝΙΑΣ & ΘΡΑΚΗΣ	14.547	8.071
764	ΔΙΟΙΚΗΣΗΣ ΕΠΙΧΕΙΡΗΣΕΩΝ (ΛΕΥΚΑΔΑ) - ΔΙΟΙΚΗΣΗ ΕΠΙΧΕΙΡΗΣΕΩΝ (ΚΑΤΕΥΘΥΝΣΕΙΣ: 1. ΔΙΟΙΚΗΣΗ ΕΠΙΧΕΙΡΗΣΕΩΝ 2. ΔΙΟΙΚΗΣΗ ΠΛΗΡΟΦΟΡΙΑΚΩΝ ΣΥΣΤΗΜΑΤΩΝ)	ΤΕΙ ΙΟΝΙΩΝ ΝΗΣ	10.628	7.243
765	ΔΙΟΙΚΗΣΗΣ ΕΠΙΧΕΙΡΗΣΕΩΝ (ΜΕΣΟΛΟΓΓΙ) (ΚΑΤΕΥΘΥΝΣΕΙΣ: 1. ΔΙΟΙΚΗΣΗ ΕΠΙΧΕΙΡΗΣΕΩΝ 2. ΔΙΟΙΚΗΣΗ ΕΠΙΧΕΙΡΗΣΕΩΝ ΚΟΙΝΩΝΙΚΗΣ ΟΙΚΟΝΟΜΙΑΣ 3. ΔΙΟΙΚΗΣΗ ΠΛΗΡΟΦΟΡΙΑΚΩΝ ΣΥΣΤΗΜΑΤΩΝ)	ΤΕΙ ΔΥΤ ΕΛΛΑΔΑΣ	11.718	7.670
766	ΔΙΟΙΚΗΣΗΣ ΕΠΙΧΕΙΡΗΣΕΩΝ (ΠΑΤΡΑ) - (ΚΑΤΕΥΘΥΝΣΕΙΣ: 1. ΔΙΟΙΚΗΣΗ ΕΠΙΧΕΙΡΗΣΕΩΝ 2. ΜΑΡΚΕΤΙΝΓΚ 3. ΔΙΟΙΚΗΣΗ ΠΛΗΡΟΦΟΡΙΑΚΩΝ ΣΥΣΤΗΜΑΤΩΝ)	ΤΕΙ ΔΥΤ ΕΛΛΑΔΑΣ	13.039	10.166
740	ΔΙΟΙΚΗΣΗΣ ΣΥΣΤΗΜΑΤΩΝ ΕΦΟΔΙΑΣΜΟΥ (ΘΗΒΑ)	ΤΕΙ ΣΤΕΡ ΕΛΛΑΔΑΣ	13.721	7.682
549	ΔΙΟΙΚΗΣΗΣ ΣΥΣΤΗΜΑΤΩΝ ΕΦΟΔΙΑΣΜΟΥ (ΚΑΤΕΡΙΝΗ)	ΤΕΙ ΚΕΝΤΡ ΜΑΚ/ΝΙΑΣ	12.002	7.183
314	ΜΑΡΚΕΤΙΝΓΚ ΚΑΙ ΕΠΙΚΟΙΝΩΝΙΑΣ (ΑΘΗΝΑ)	ΟΠΑ	18.501	14.956
161	ΔΙΕΘΝΩΝ & ΕΥΡΩΠΑΙΚΩΝ ΣΠΟΥΔΩΝ (ΘΕΣΣΑΛΟΝΙΚΗ)	ΠΑΝ ΜΑΚ/ΝΙΑΣ	19.773	12.841
150	ΔΙΕΘΝΩΝ ΚΑΙ ΕΥΡΩΠΑΙΚΩΝ ΟΙΚΟΝΟΜΙΚΩΝ ΣΠΟΥΔΩΝ (ΑΘΗΝΑ)	ΟΠΑ	18.681	14.578
155	ΧΡΗΜΑΤΟΟΙΚΟΝΟΜΙΚΗΣ & ΤΡΑΠΕΖΙΚΗΣ ΔΙΟΙΚΗΤΙΚΗΣ (ΠΕΙΡΑΙΑΣ)	ΠΑΝ ΠΕΙΡΑΙΩΣ	19.248	16.269
337	ΛΟΓΙΣΤΙΚΗΣ & ΧΡΗΜΑΤΟΟΙΚΟΝΟΜΙΚΗΣ (ΘΕΣΣΑΛΟΝΙΚΗ)	ΠΑΝ ΜΑΚ/ΝΙΑΣ	19.680	17.063
347	ΛΟΓΙΣΤΙΚΗΣ & ΧΡΗΜΑΤΟΟΙΚΟΝΟΜΙΚΗΣ (ΑΘΗΝΑ)	ΟΠΑ	19.600	17.775
157	ΝΑΥΤΙΛΙΑΚΩΝ ΣΠΟΥΔΩΝ (ΠΕΙΡΑΙΑΣ)	ΠΑΝ ΠΕΙΡΑΙΩΣ	20.832	16.350
180	ΝΑΥΤΙΛΙΑΣ & ΕΠΙΧΕΙΡΗΜΑΤΙΚΩΝ ΥΠΗΡΕΣΙΩΝ (ΧΙΟΣ)	ΠΑΝ ΑΙΓΑΙΟΥ	17.473	11.614
315	ΟΙΚΟΝΟΜΙΚΗΣ ΕΠΙΣΤΗΜΗΣ (ΠΕΙΡΑΙΑΣ)	ΠΑΝ ΠΕΙΡΑΙΩΣ	17.967	15.128
319	ΟΙΚΟΝΟΜΙΚΗΣ ΕΠΙΣΤΗΜΗΣ (ΑΘΗΝΑ)	ΟΠΑ	19.464	16.320
339	ΟΙΚΟΝΟΜΙΚΩΝ ΕΠΙΣΤΗΜΩΝ (ΠΑΤΡΑ)	ΠΑΝ ΠΑΤΡΩΝ	18.153	13.150
309	ΟΙΚΟΝΟΜΙΚΩΝ ΕΠΙΣΤΗΜΩΝ (ΑΘΗΝΑ)	ΕΚΠΑ	18.668	14.336
311	ΟΙΚΟΝΟΜΙΚΩΝ ΕΠΙΣΤΗΜΩΝ (ΘΕΣΣΑΛΟΝΙΚΗ)	ΑΠΘ	19.640	14.510
317	ΟΙΚΟΝΟΜΙΚΩΝ ΕΠΙΣΤΗΜΩΝ (ΘΕΣΣΑΛΟΝΙΚΗ)	ΠΑΝ ΜΑΚ/ΝΙΑΣ	19.408	15.658
321	ΟΙΚΟΝΟΜΙΚΩΝ ΕΠΙΣΤΗΜΩΝ (ΡΕΘΥΜΝΟ)	ΠΑΝ ΚΡΗΤΗΣ	18.458	12.282
345	ΟΙΚΟΝΟΜΙΚΩΝ ΕΠΙΣΤΗΜΩΝ (ΙΩΑΝΝΙΝΑ)	ΠΑΝ ΙΩΑΝΝΙΝΩΝ	17.809	13.209
97	ΟΙΚΟΝΟΜΙΚΩΝ ΕΠΙΣΤΗΜΩΝ (ΚΟΜΟΤΗΝΗ) (ΚΑΤΕΥΘΥΝΣΕΙΣ: 1. ΟΙΚΟΝΟΜΙΚΗ ΑΝΑΛΥΣΗ 2. ΔΙΟΙΚΗΣΗ ΕΠΙΧΕΙΡΗΣΕΩΝ)	ΔΗΜ ΠΑΝ ΘΡΑΚΗΣ	17.950	12.422
350	ΟΙΚΟΝΟΜΙΚΩΝ ΕΠΙΣΤΗΜΩΝ (ΒΟΛΟΣ)	ΠΑΝ ΘΕΣΣΑΛΙΑΣ	18.838	13.458
361	ΟΙΚΟΝΟΜΙΚΩΝ ΕΠΙΣΤΗΜΩΝ (ΤΡΙΠΟΛΗ)	ΠΑΝ ΠΕΛ/ΝΗΣΟΥ	14.851	12.031
152	ΟΙΚΟΝΟΜΙΚΗΣ & ΠΕΡΙΦΕΡΕΙΑΚΗΣ ΑΝΑΠΤΥΞΗΣ (ΑΘΗΝΑ)	ΠΑΝΤΕΙΟ	16.675	13.223
322	ΟΡΓΑΝΩΣΗΣ ΚΑΙ ΔΙΟΙΚΗΣΗΣ ΕΠΙΧΕΙΡΗΣΕΩΝ (ΘΕΣΣΑΛΟΝΙΚΗ) (ΚΑΤΕΥΘΥΝΣΕΙΣ: 1. ΟΡΓΑΝΩΣΗΣ ΚΑΙ ΔΙΟΙΚΗΣΗΣ ΕΠΙΧΕΙΡΗΣΕΩΝ 2. ΜΑΡΚΕΤΙΝΓΚ ΚΑΙ ΔΙΟΙΚΗΣΗΣ ΛΕΙΤΟΥΡΓΙΩΝ)	ΠΑΝ ΜΑΚ/ΝΙΑΣ	19.022	14.531
313	ΟΡΓΑΝΩΣΗΣ ΚΑΙ ΔΙΟΙΚΗΣΗΣ ΕΠΙΧΕΙΡΗΣΕΩΝ (ΑΘΗΝΑ)	ΟΠΑ	19.496	16.699
316	ΟΡΓΑΝΩΣΗΣ ΚΑΙ ΔΙΟΙΚΗΣΗΣ ΕΠΙΧΕΙΡΗΣΕΩΝ (ΠΕΙΡΑΙΑΣ)	ΠΑΝ ΠΕΙΡΑΙΩΣ	17.731	15.186
320	ΔΙΟΙΚΗΣΗΣ ΕΠΙΧΕΙΡΗΣΕΩΝ (ΧΙΟΣ)	ΠΑΝ ΑΙΓΑΙΟΥ	16.287	11.128
352	ΔΙΟΙΚΗΣΗΣ ΕΠΙΧΕΙΡΗΣΕΩΝ (ΠΑΤΡΑ)	ΠΑΝ ΠΑΤΡΩΝ	17.825	12.383
400	ΟΡΓΑΝΩΣΗΣ & ΔΙΑΧΕΙΡΙΣΗΣ ΑΘΛΗΤΙΣΜΟΥ (ΣΠΑΡΤΗ)	ΠΑΝ ΠΕΛ/ΝΗΣΟΥ	14.250	8.567
346	ΔΙΟΙΚΗΣΗΣ ΕΠΙΧΕΙΡΗΣΕΩΝ ΑΓΡΟΤΙΚΩΝ ΠΡΟΙΟΝΤΩΝ ΚΑΙ ΤΡΟΦΙΜΩΝ (ΑΓΡΙΝΙΟ)	ΠΑΝ ΠΑΤΡΩΝ	16.836	8.003
144	ΟΙΚΙΑΚΗΣ ΟΙΚΟΝΟΜΙΑΣ & ΟΙΚΟΛΟΓΙΑΣ (ΑΘΗΝΑ)	ΧΑΡΟΚΟΠΕΙΟ ΠΑΝ	14.282	11.251
867	ΟΙΚΟΝΟΜΙΚΟ (ΣΣΑΣ) ΘΕΣ/ΝΙΚΗ	ΣΣΑΣ	19.592	19.187
867	ΟΙΚΟΝΟΜΙΚΟ (ΣΣΑΣ) ΘΕΣ/ΝΙΚΗ	ΣΣΑΣ	19.187	18.960
865	ΥΠΑΞΙΩΜΑΤΙΚΩΝ ΔΙΟΙΚ. ΑΕΡΟΠΟΡΙΑΣ (Σ.Υ.Δ.)	ΣΤΥΑ	18.902	18.512
865	ΥΠΑΞΙΩΜΑΤΙΚΩΝ ΔΙΟΙΚ. ΑΕΡΟΠΟΡΙΑΣ (Σ.Υ.Δ.)	ΣΤΥΑ	18.419	18.200
869	ΑΞΙΩΜΑΤΙΚΩΝ ΕΛΛΗΝΙΚΗΣ ΑΣΤΥΝΟΜΙΑΣ (ΜΟΝΟ ΓΙΑ ΠΟΛΙΤΕΣ)	ΑΣΤΥΝ ΣΧΟΛ	19.297	18.319
869	ΑΞΙΩΜΑΤΙΚΩΝ ΕΛΛΗΝΙΚΗΣ ΑΣΤΥΝΟΜΙΑΣ (ΜΟΝΟ ΓΙΑ ΠΟΛΙΤΕΣ)	ΑΣΤΥΝ ΣΧΟΛ	18.299	18.133
869	ΑΞΙΩΜΑΤΙΚΩΝ ΕΛΛΗΝΙΚΗΣ ΑΣΤΥΝΟΜΙΑΣ (ΜΟΝΟ ΓΙΑ ΠΟΛΙΤΕΣ)	ΑΣΤΥΝ ΣΧΟΛ	18.310	18.083
870	ΑΣΤΥΦΥΛΑΚΩΝ	ΑΣΤΥΝ ΣΧΟΛ	16.173	15.910
870	ΑΣΤΥΦΥΛΑΚΩΝ	ΑΣΤΥΝ ΣΧΟΛ	15.863	14.595
870	ΑΣΤΥΦΥΛΑΚΩΝ	ΑΣΤΥΝ ΣΧΟΛ	15.807	15.696
872	ΑΞΙΩΜΑΤΙΚΩΝ ΕΛΛΗΝΙΚΗΣ ΑΣΤΥΝΟΜΙΑΣ (ΜΟΝΟ ΓΙΑ ΑΣΤΥΝΟΜΙΚΟΥΣ)	ΑΣΤΥΝ ΣΧΟΛ	18.924	16.721
872	ΑΞΙΩΜΑΤΙΚΩΝ ΕΛΛΗΝΙΚΗΣ ΑΣΤΥΝΟΜΙΑΣ (ΜΟΝΟ ΓΙΑ ΑΣΤΥΝΟΜΙΚΟΥΣ)	ΑΣΤΥΝ ΣΧΟΛ	16.608	15.258
872	ΑΞΙΩΜΑΤΙΚΩΝ ΕΛΛΗΝΙΚΗΣ ΑΣΤΥΝΟΜΙΑΣ (ΜΟΝΟ ΓΙΑ ΑΣΤΥΝΟΜΙΚΟΥΣ)	ΑΣΤΥΝ ΣΧΟΛ	16.568	16.295
871	ΣΧΟΛΗ ΑΝΘΥΠΟΠΥΡΑΓΩΝ (ΜΟΝΟ ΓΙΑ ΠΥΡΟΣΒΕΣΤΕΣ)	ΠΥΡΟΣΒ ΑΚΑΔ	12.499	7.514
871	ΣΧΟΛΗ ΑΝΘΥΠΟΠΥΡΑΓΩΝ (ΜΟΝΟ ΓΙΑ ΠΥΡΟΣΒΕΣΤΕΣ)	ΠΥΡΟΣΒ ΑΚΑΔ	6.183	6.142
584	ΔΙΟΙΚΗΣΗΣ ΕΠΙΧΕΙΡΗΣΕΩΝ ΚΑΙ ΟΡΓΑΝΙΣΜΩΝ (ΚΑΛΑΜΑΤΑ) - ΤΟΠΙΚΗΣ ΑΥΤΟΔΙΟΙΚΗΣΗΣ	ΤΕΙ ΠΕΛ/ΝΗΣΟΥ	10.365	6.737
631	ΔΙΟΙΚΗΣΗΣ ΕΠΙΧΕΙΡΗΣΕΩΝ (ΑΘΗΝΑ) - ΔΙΟΙΚΗΣΗ ΜΟΝΑΔΩΝ ΥΓΕΙΑΣ ΚΑΙ ΠΡΟΝΟΙΑΣ	ΤΕΙ ΑΘΗΝΑΣ	18.427	10.796
594	ΔΙΟΙΚΗΣΗΣ ΕΠΙΧΕΙΡΗΣΕΩΝ ΚΑΙ ΟΡΓΑΝΙΣΜΩΝ (ΚΑΛΑΜΑΤΑ) - ΔΙΟΙΚΗΣΗ ΜΟΝΑΔΩΝ ΥΓΕΙΑΣ ΚΑΙ ΠΡΟΝΟΙΑΣ	ΤΕΙ ΠΕΛ/ΝΗΣΟΥ	9.823	6.900
585	ΔΙΟΙΚΗΣΗΣ ΕΠΙΧΕΙΡΗΣΕΩΝ (ΑΘΗΝΑ) - ΔΙΟΙΚΗΣΗ ΕΠΙΧΕΙΡΗΣΕΩΝ (ΚΑΤΕΥΘΥΝΣΕΙΣ: 1. ΔΙΟΙΚΗΣΗ ΕΠΙΧΕΙΡΗΣΕΩΝ 2. ΜΑΡΚΕΤΙΝΓΚ)	ΤΕΙ ΑΘΗΝΑΣ	14.804	12.147
